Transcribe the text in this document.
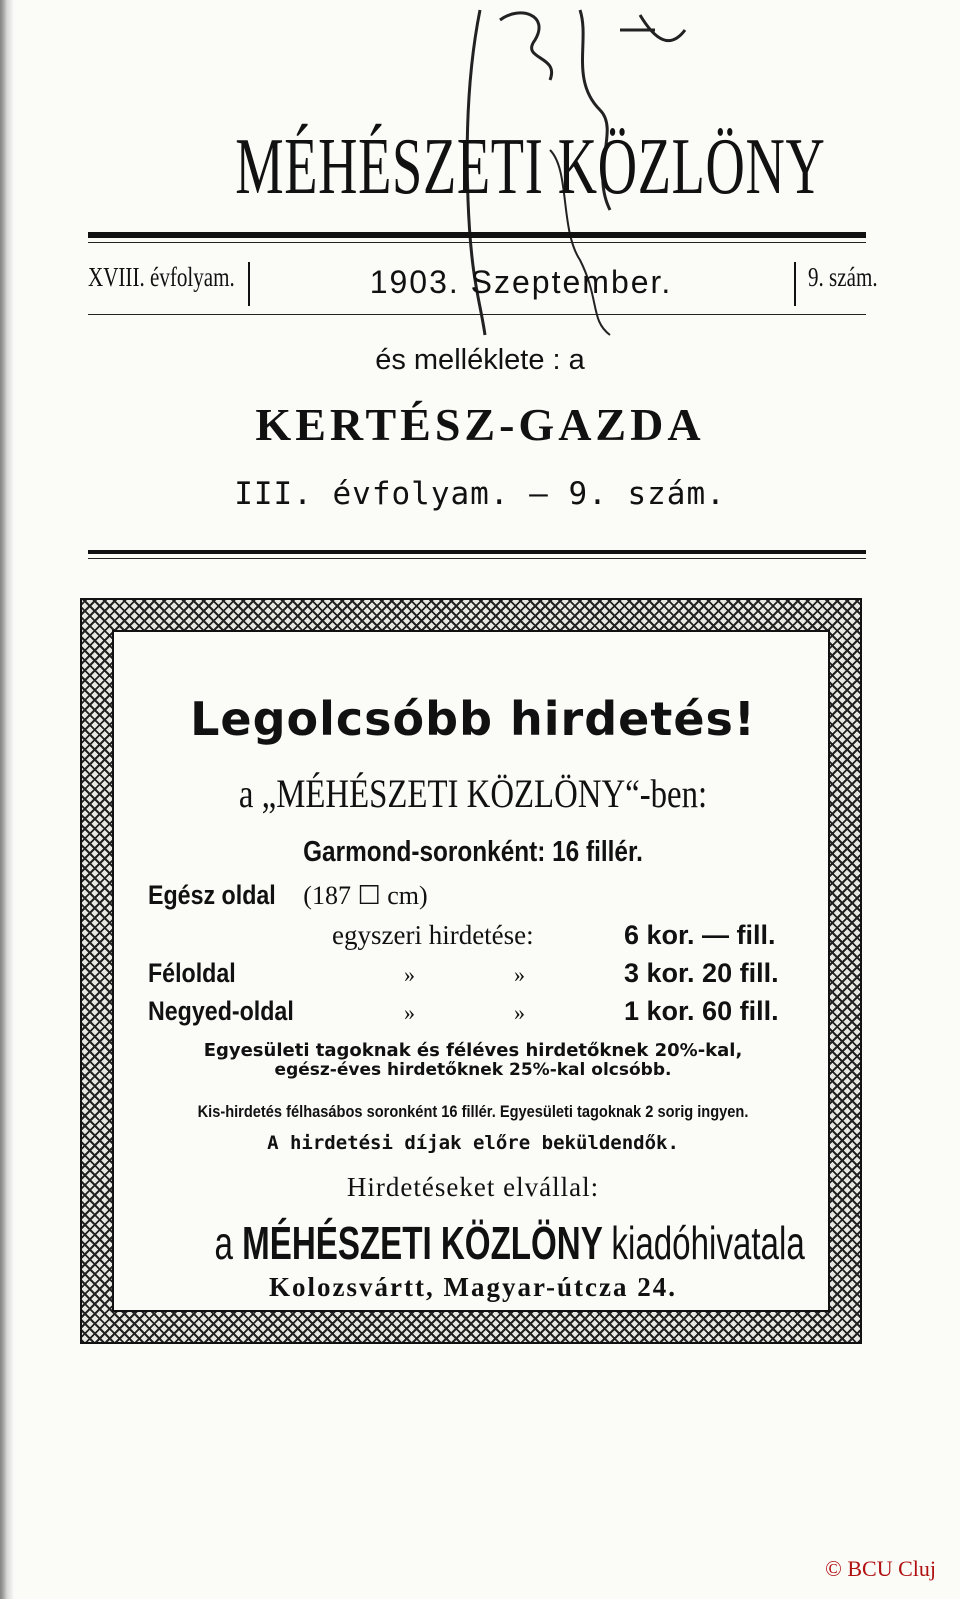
MÉHÉSZETI KÖZLÖNY
XVIII. évfolyam.	1903. Szeptember.	9. szám.
és melléklete : a
KERTÉSZ-GAZDA
III. évfolyam. — 9. szám.
Legolcsóbb hirdetés!
a „MÉHÉSZETI KÖZLÖNY“-ben:
Garmond-soronként: 16 fillér.
Egész oldal (187 ☐ cm)
egyszeri hirdetése:	6 kor. — fill.
Féloldal	»	»	3 kor. 20 fill.
Negyed-oldal	»	»	1 kor. 60 fill.
Egyesületi tagoknak és féléves hirdetőknek 20%-kal,
egész-éves hirdetőknek 25%-kal olcsóbb.
Kis-hirdetés félhasábos soronként 16 fillér. Egyesületi tagoknak 2 sorig ingyen.
A hirdetési díjak előre beküldendők.
Hirdetéseket elvállal:
a MÉHÉSZETI KÖZLÖNY kiadóhivatala
Kolozsvártt, Magyar-útcza 24.
© BCU Cluj
